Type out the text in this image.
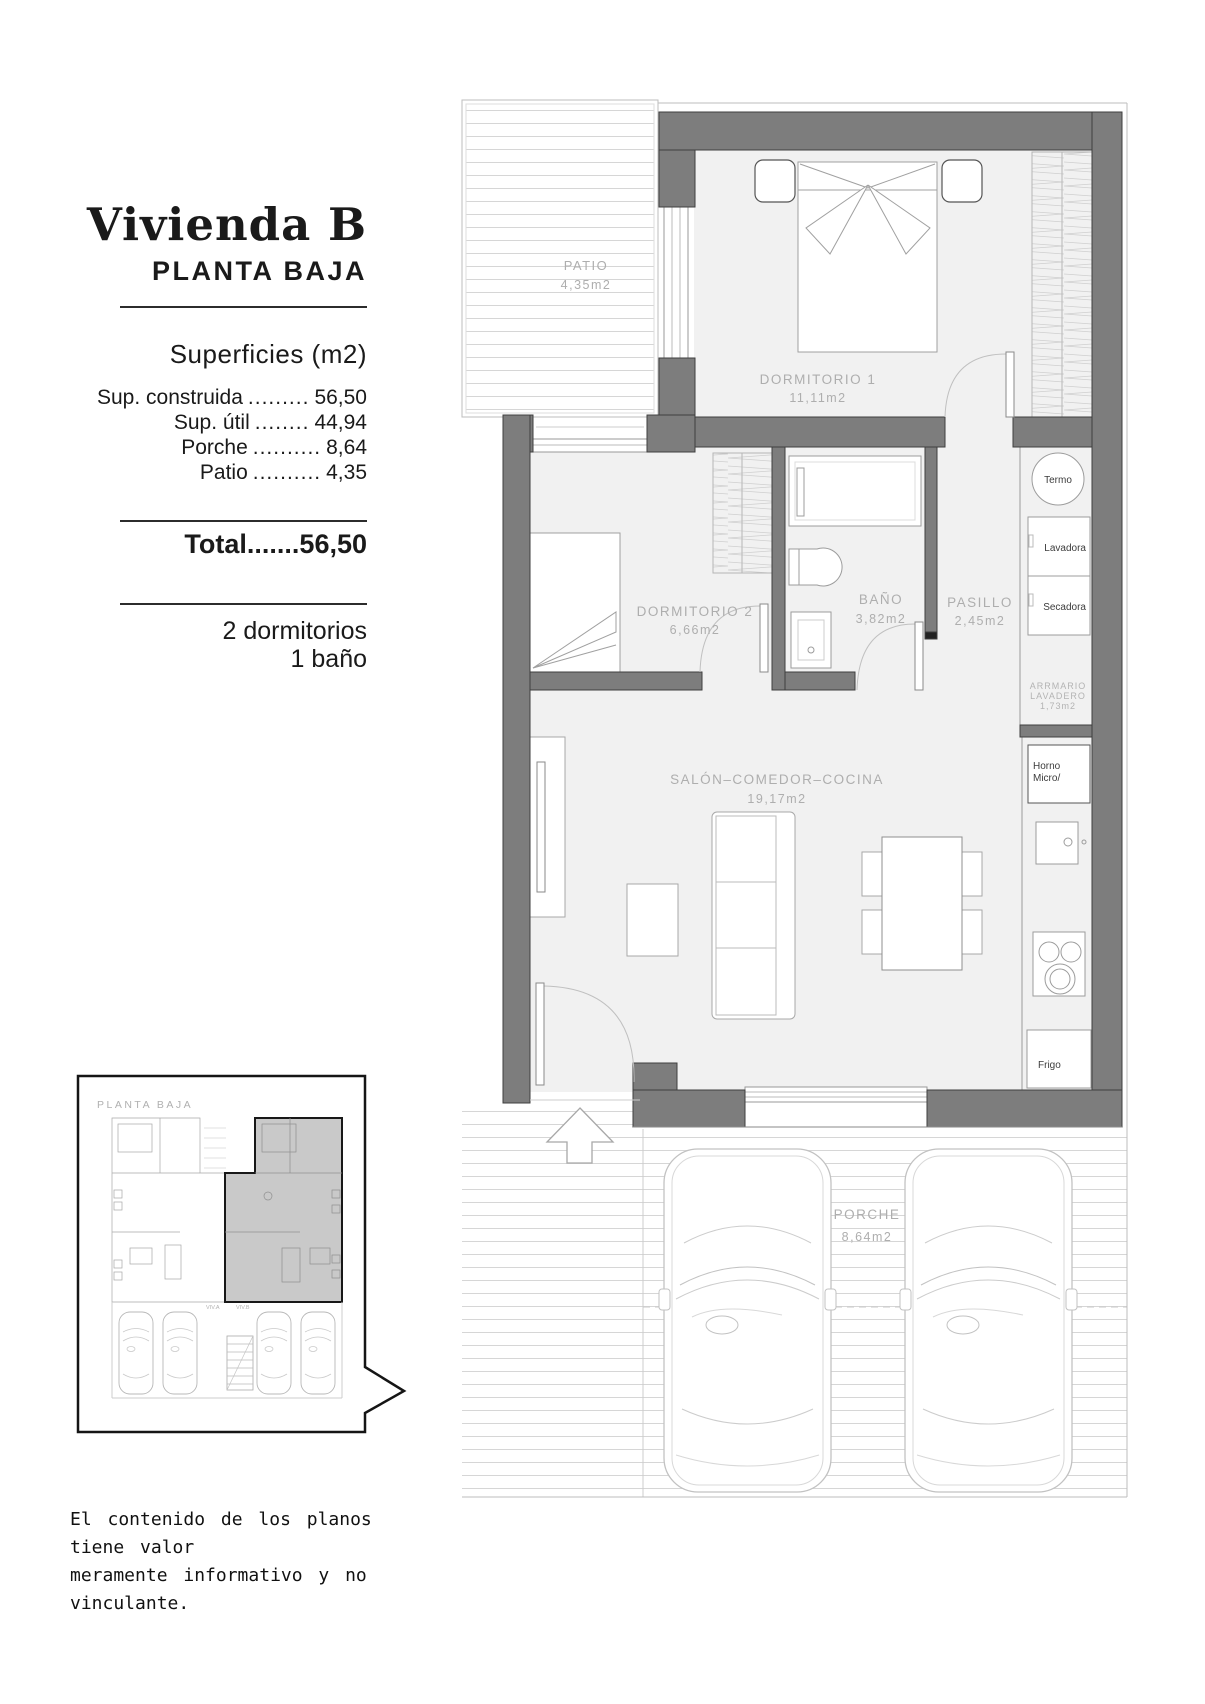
Vivienda B
PLANTA BAJA
Superficies (m2)
Sup. construida ......... 56,50
Sup. útil ........ 44,94
Porche .......... 8,64
Patio .......... 4,35
Total.......56,50
2 dormitorios
1 baño
PATIO
4,35m2
DORMITORIO 1
11,11m2
DORMITORIO 2
6,66m2
BAÑO
3,82m2
PASILLO
2,45m2
ARRMARIO
LAVADERO
1,73m2
SALÓN–COMEDOR–COCINA
19,17m2
PORCHE
8,64m2
Termo
Lavadora
Secadora
Horno
Micro/
Frigo
PLANTA BAJA
VIV.A	VIV.B
El contenido de los planos tiene valor
meramente informativo y no vinculante.
